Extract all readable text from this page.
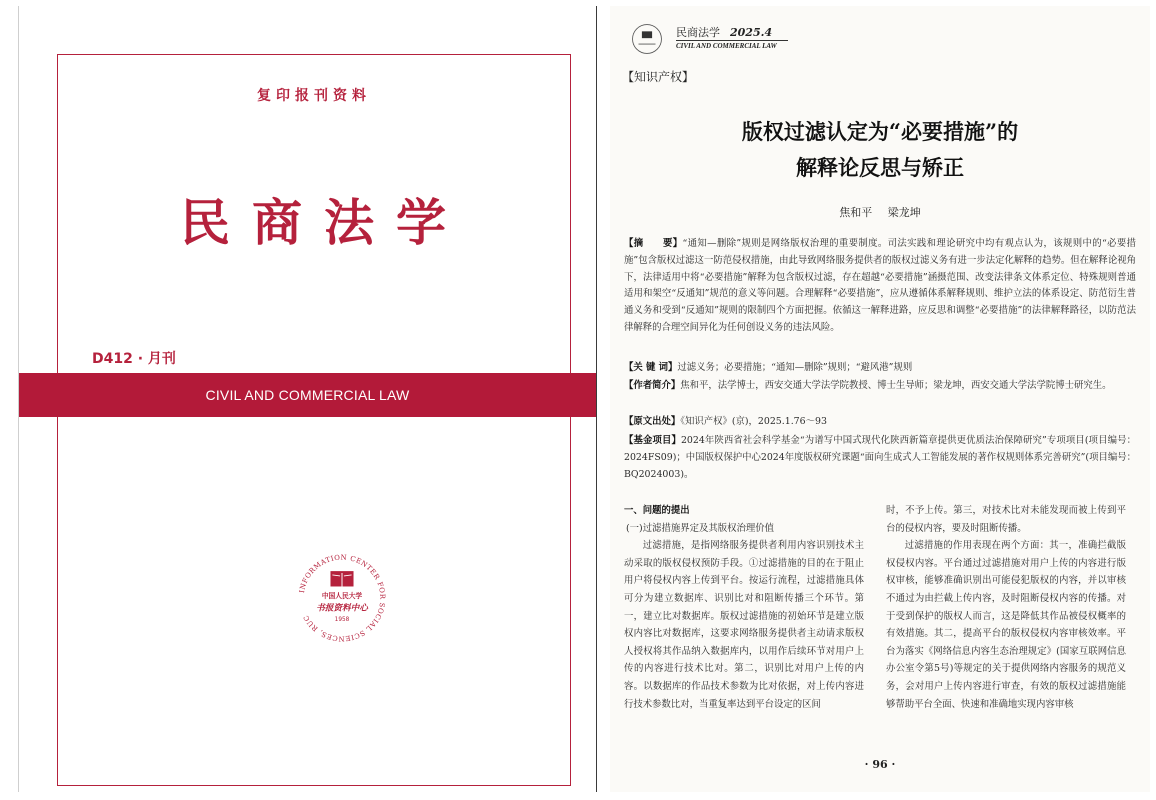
复印报刊资料
民商法学
D412 · 月刊
INFORMATION CENTER FOR SOCIAL SCIENCES, RUC
中国人民大学
书报资料中心
1958
CIVIL AND COMMERCIAL LAW
民商法学 2025.4
CIVIL AND COMMERCIAL LAW
【知识产权】
版权过滤认定为“必要措施”的
解释论反思与矫正
焦和平 梁龙坤
【摘　　要】“通知—删除”规则是网络版权治理的重要制度。司法实践和理论研究中均有观点认为，该规则中的“必要措施”包含版权过滤这一防范侵权措施，由此导致网络服务提供者的版权过滤义务有进一步法定化解释的趋势。但在解释论视角下，法律适用中将“必要措施”解释为包含版权过滤，存在超越“必要措施”涵摄范围、改变法律条文体系定位、特殊规则普通适用和架空“反通知”规范的意义等问题。合理解释“必要措施”，应从遵循体系解释规则、维护立法的体系设定、防范衍生普通义务和受到“反通知”规则的限制四个方面把握。依循这一解释进路，应反思和调整“必要措施”的法律解释路径，以防范法律解释的合理空间异化为任何创设义务的违法风险。
【关 键 词】过滤义务；必要措施；“通知—删除”规则；“避风港”规则
【作者简介】焦和平，法学博士，西安交通大学法学院教授、博士生导师；梁龙坤，西安交通大学法学院博士研究生。
【原文出处】《知识产权》(京)，2025.1.76～93
【基金项目】2024年陕西省社会科学基金“为谱写中国式现代化陕西新篇章提供更优质法治保障研究”专项项目(项目编号：2024FS09)；中国版权保护中心2024年度版权研究课题“面向生成式人工智能发展的著作权规则体系完善研究”(项目编号：BQ2024003)。

一、问题的提出

(一)过滤措施界定及其版权治理价值

过滤措施，是指网络服务提供者利用内容识别技术主动采取的版权侵权预防手段。①过滤措施的目的在于阻止用户将侵权内容上传到平台。按运行流程，过滤措施具体可分为建立数据库、识别比对和阻断传播三个环节。第一，建立比对数据库。版权过滤措施的初始环节是建立版权内容比对数据库，这要求网络服务提供者主动请求版权人授权将其作品纳入数据库内，以用作后续环节对用户上传的内容进行技术比对。第二，识别比对用户上传的内容。以数据库的作品技术参数为比对依据，对上传内容进行技术参数比对，当重复率达到平台设定的区间

时，不予上传。第三，对技术比对未能发现而被上传到平台的侵权内容，要及时阻断传播。

过滤措施的作用表现在两个方面：其一，准确拦截版权侵权内容。平台通过过滤措施对用户上传的内容进行版权审核，能够准确识别出可能侵犯版权的内容，并以审核不通过为由拦截上传内容，及时阻断侵权内容的传播。对于受到保护的版权人而言，这是降低其作品被侵权概率的有效措施。其二，提高平台的版权侵权内容审核效率。平台为落实《网络信息内容生态治理规定》(国家互联网信息办公室令第5号)等规定的关于提供网络内容服务的规范义务，会对用户上传内容进行审查，有效的版权过滤措施能够帮助平台全面、快速和准确地实现内容审核

· 96 ·
